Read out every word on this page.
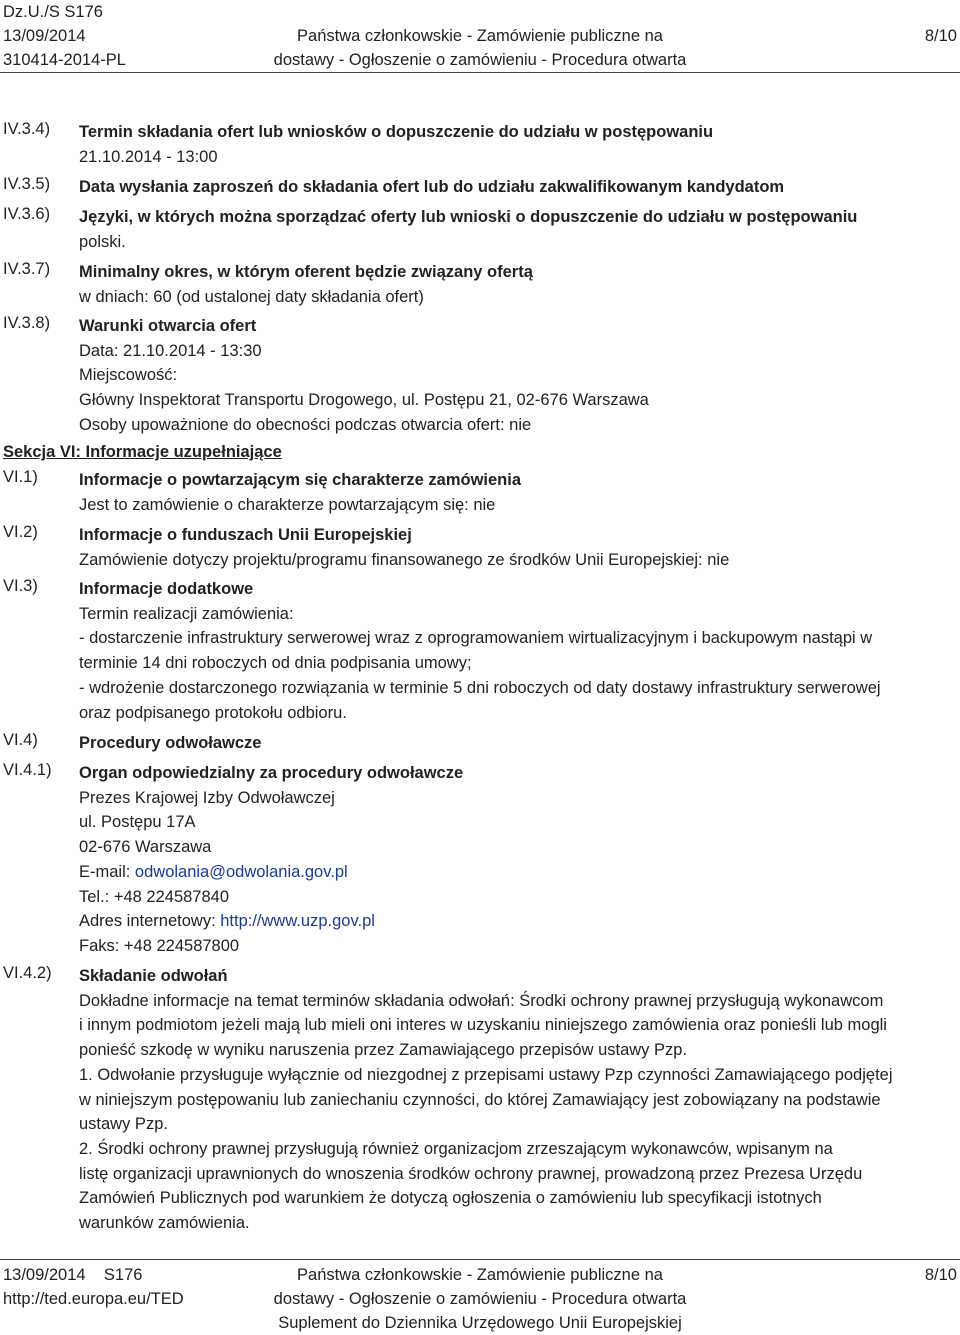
Dz.U./S S176
13/09/2014
310414-2014-PL
Państwa członkowskie - Zamówienie publiczne na
dostawy - Ogłoszenie o zamówieniu - Procedura otwarta
8/10
IV.3.4) Termin składania ofert lub wniosków o dopuszczenie do udziału w postępowaniu
21.10.2014 - 13:00
IV.3.5) Data wysłania zaproszeń do składania ofert lub do udziału zakwalifikowanym kandydatom
IV.3.6) Języki, w których można sporządzać oferty lub wnioski o dopuszczenie do udziału w postępowaniu
polski.
IV.3.7) Minimalny okres, w którym oferent będzie związany ofertą
w dniach: 60 (od ustalonej daty składania ofert)
IV.3.8) Warunki otwarcia ofert
Data: 21.10.2014 - 13:30
Miejscowość:
Główny Inspektorat Transportu Drogowego, ul. Postępu 21, 02-676 Warszawa
Osoby upoważnione do obecności podczas otwarcia ofert: nie
Sekcja VI: Informacje uzupełniające
VI.1) Informacje o powtarzającym się charakterze zamówienia
Jest to zamówienie o charakterze powtarzającym się: nie
VI.2) Informacje o funduszach Unii Europejskiej
Zamówienie dotyczy projektu/programu finansowanego ze środków Unii Europejskiej: nie
VI.3) Informacje dodatkowe
Termin realizacji zamówienia:
- dostarczenie infrastruktury serwerowej wraz z oprogramowaniem wirtualizacyjnym i backupowym nastąpi w
terminie 14 dni roboczych od dnia podpisania umowy;
- wdrożenie dostarczonego rozwiązania w terminie 5 dni roboczych od daty dostawy infrastruktury serwerowej
oraz podpisanego protokołu odbioru.
VI.4) Procedury odwoławcze
VI.4.1) Organ odpowiedzialny za procedury odwoławcze
Prezes Krajowej Izby Odwoławczej
ul. Postępu 17A
02-676 Warszawa
E-mail: odwolania@odwolania.gov.pl
Tel.: +48 224587840
Adres internetowy: http://www.uzp.gov.pl
Faks: +48 224587800
VI.4.2) Składanie odwołań
Dokładne informacje na temat terminów składania odwołań: Środki ochrony prawnej przysługują wykonawcom
i innym podmiotom jeżeli mają lub mieli oni interes w uzyskaniu niniejszego zamówienia oraz ponieśli lub mogli
ponieść szkodę w wyniku naruszenia przez Zamawiającego przepisów ustawy Pzp.
1. Odwołanie przysługuje wyłącznie od niezgodnej z przepisami ustawy Pzp czynności Zamawiającego podjętej
w niniejszym postępowaniu lub zaniechaniu czynności, do której Zamawiający jest zobowiązany na podstawie
ustawy Pzp.
2. Środki ochrony prawnej przysługują również organizacjom zrzeszającym wykonawców, wpisanym na
listę organizacji uprawnionych do wnoszenia środków ochrony prawnej, prowadzoną przez Prezesa Urzędu
Zamówień Publicznych pod warunkiem że dotyczą ogłoszenia o zamówieniu lub specyfikacji istotnych
warunków zamówienia.
13/09/2014    S176
http://ted.europa.eu/TED
Państwa członkowskie - Zamówienie publiczne na
dostawy - Ogłoszenie o zamówieniu - Procedura otwarta
Suplement do Dziennika Urzędowego Unii Europejskiej
8/10
